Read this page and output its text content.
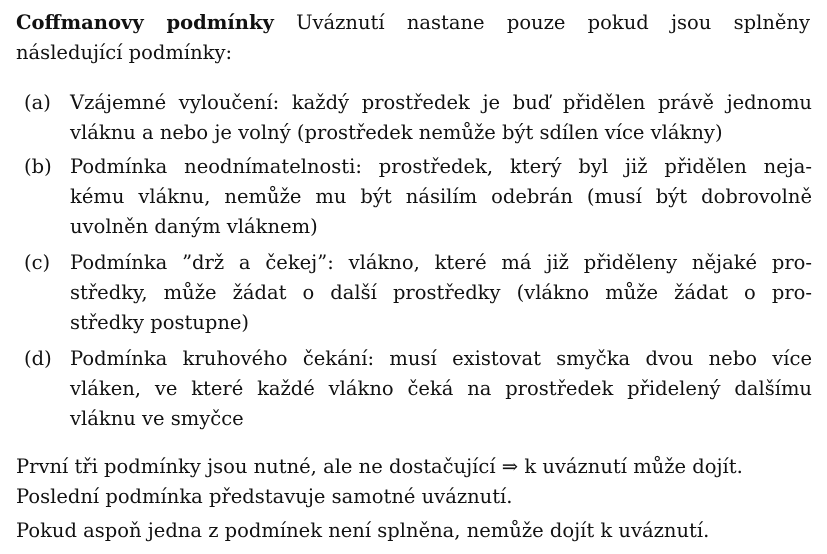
Coffmanovy podmínky Uváznutí nastane pouze pokud jsou splněny
následující podmínky:
(a) Vzájemné vyloučení: každý prostředek je buď přidělen právě jednomu
vláknu a nebo je volný (prostředek nemůže být sdílen více vlákny)
(b) Podmínka neodnímatelnosti: prostředek, který byl již přidělen neja-
kému vláknu, nemůže mu být násilím odebrán (musí být dobrovolně
uvolněn daným vláknem)
(c) Podmínka ”drž a čekej”: vlákno, které má již přiděleny nějaké pro-
středky, může žádat o další prostředky (vlákno může žádat o pro-
středky postupne)
(d) Podmínka kruhového čekání: musí existovat smyčka dvou nebo více
vláken, ve které každé vlákno čeká na prostředek přidelený dalšímu
vláknu ve smyčce
První tři podmínky jsou nutné, ale ne dostačující ⇒ k uváznutí může dojít.
Poslední podmínka představuje samotné uváznutí.
Pokud aspoň jedna z podmínek není splněna, nemůže dojít k uváznutí.
